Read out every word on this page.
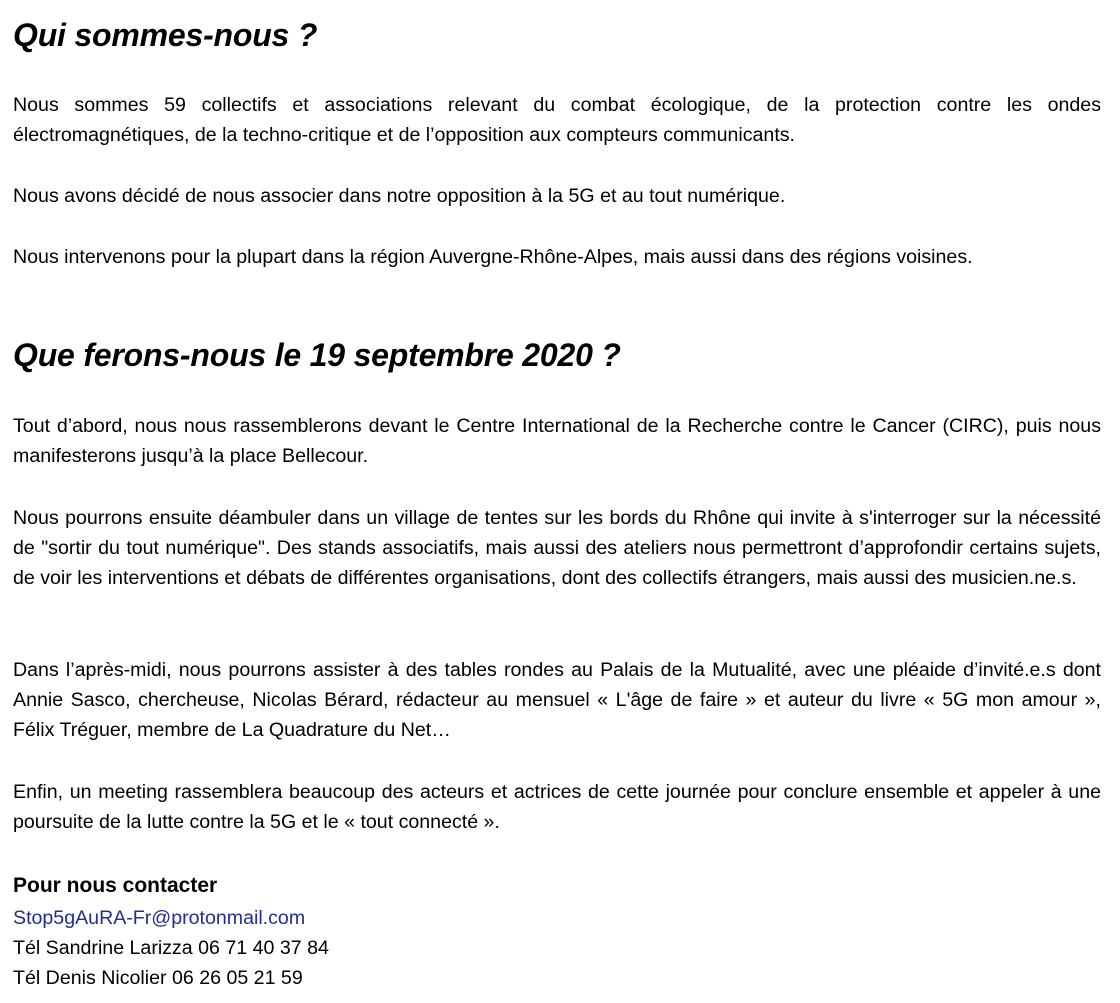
Qui sommes-nous ?

Nous sommes 59 collectifs et associations relevant du combat écologique, de la protection contre les ondes électromagnétiques, de la techno-critique et de l’opposition aux compteurs communicants.

Nous avons décidé de nous associer dans notre opposition à la 5G et au tout numérique.

Nous intervenons pour la plupart dans la région Auvergne-Rhône-Alpes, mais aussi dans des régions voisines.

Que ferons-nous le 19 septembre 2020 ?

Tout d’abord, nous nous rassemblerons devant le Centre International de la Recherche contre le Cancer (CIRC), puis nous manifesterons jusqu’à la place Bellecour.

Nous pourrons ensuite déambuler dans un village de tentes sur les bords du Rhône qui invite à s'interroger sur la nécessité de "sortir du tout numérique". Des stands associatifs, mais aussi des ateliers nous permettront d’approfondir certains sujets, de voir les interventions et débats de différentes organisations, dont des collectifs étrangers, mais aussi des musicien.ne.s.

Dans l’après-midi, nous pourrons assister à des tables rondes au Palais de la Mutualité, avec une pléaide d’invité.e.s dont Annie Sasco, chercheuse, Nicolas Bérard, rédacteur au mensuel « L'âge de faire » et auteur du livre « 5G mon amour », Félix Tréguer, membre de La Quadrature du Net…

Enfin, un meeting rassemblera beaucoup des acteurs et actrices de cette journée pour conclure ensemble et appeler à une poursuite de la lutte contre la 5G et le « tout connecté ».

Pour nous contacter
Stop5gAuRA-Fr@protonmail.com
Tél Sandrine Larizza 06 71 40 37 84
Tél Denis Nicolier 06 26 05 21 59
